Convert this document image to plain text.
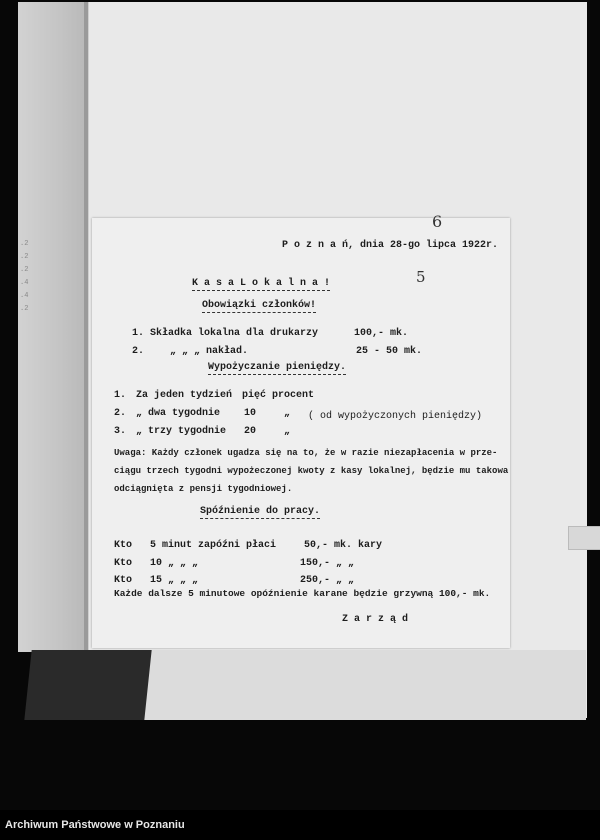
.2
.2
.2
.4
.4
.2
6
P o z n a ń, dnia 28-go lipca 1922r.
5
K a s a L o k a l n a !
Obowiązki członków!
1. Składka lokalna dla drukarzy	100,- mk.
2.	„ „ „ nakład.	25 - 50 mk.
Wypożyczanie pieniędzy.
1. Za jeden tydzień pięć procent
2. „ dwa tygodnie 10	„ ( od wypożyczonych pieniędzy)
3. „ trzy tygodnie 20	„
Uwaga: Każdy członek ugadza się na to, że w razie niezapłacenia w prze-
ciągu trzech tygodni wypożeczonej kwoty z kasy lokalnej, będzie mu takowa
odciągnięta z pensji tygodniowej.
Spóźnienie do pracy.
Kto 5 minut zapóźni płaci	50,- mk. kary
Kto 10 „ „ „	150,- „ „
Kto 15 „ „ „	250,- „ „
Każde dalsze 5 minutowe opóźnienie karane będzie grzywną 100,- mk.
Z a r z ą d
Archiwum Państwowe w Poznaniu
